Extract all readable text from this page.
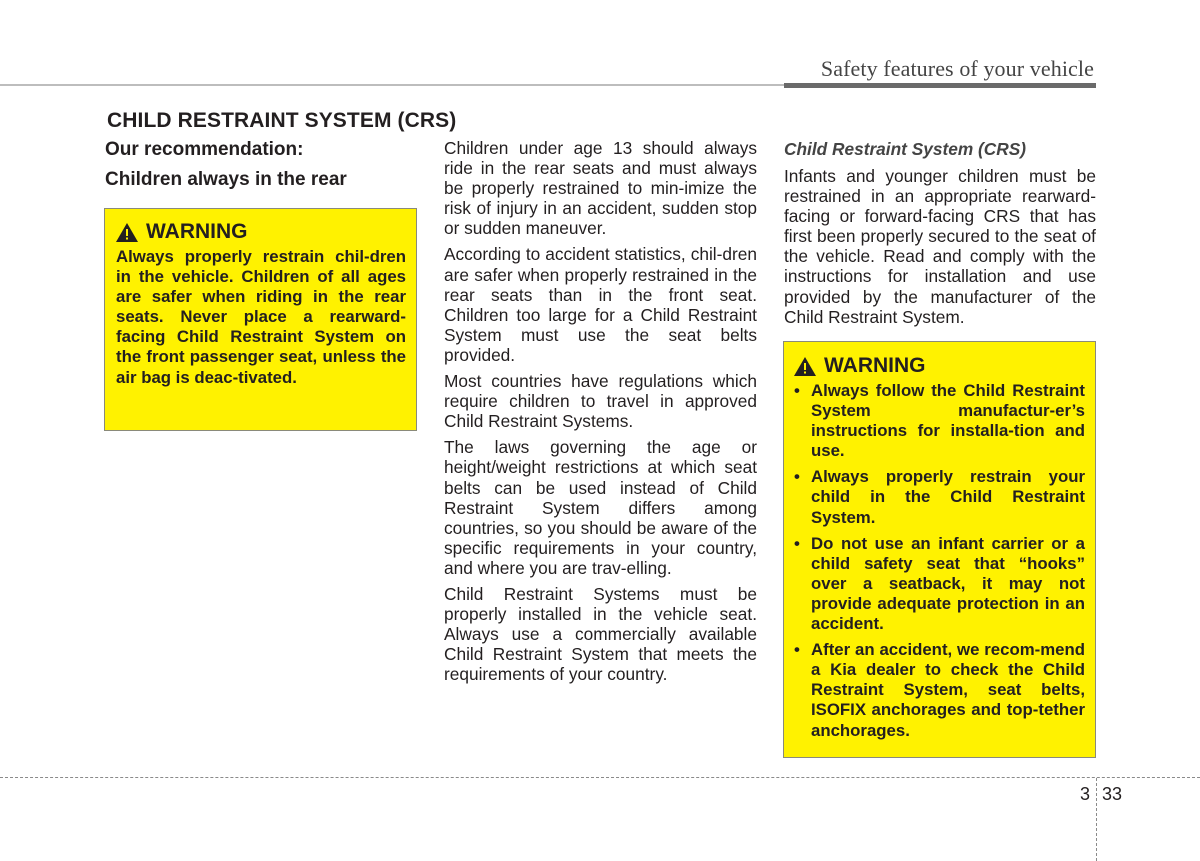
Safety features of your vehicle
CHILD RESTRAINT SYSTEM (CRS)

Our recommendation:

Children always in the rear

WARNING

Always properly restrain chil-dren in the vehicle. Children of all ages are safer when riding in the rear seats. Never place a rearward-facing Child Restraint System on the front passenger seat, unless the air bag is deac-tivated.

Children under age 13 should always ride in the rear seats and must always be properly restrained to min-imize the risk of injury in an accident, sudden stop or sudden maneuver.

According to accident statistics, chil-dren are safer when properly restrained in the rear seats than in the front seat. Children too large for a Child Restraint System must use the seat belts provided.

Most countries have regulations which require children to travel in approved Child Restraint Systems.

The laws governing the age or height/weight restrictions at which seat belts can be used instead of Child Restraint System differs among countries, so you should be aware of the specific requirements in your country, and where you are trav-elling.

Child Restraint Systems must be properly installed in the vehicle seat. Always use a commercially available Child Restraint System that meets the requirements of your country.

Child Restraint System (CRS)

Infants and younger children must be restrained in an appropriate rearward-facing or forward-facing CRS that has first been properly secured to the seat of the vehicle. Read and comply with the instructions for installation and use provided by the manufacturer of the Child Restraint System.

WARNING
• Always follow the Child Restraint System manufactur-er’s instructions for installa-tion and use.
• Always properly restrain your child in the Child Restraint System.
• Do not use an infant carrier or a child safety seat that “hooks” over a seatback, it may not provide adequate protection in an accident.
• After an accident, we recom-mend a Kia dealer to check the Child Restraint System, seat belts, ISOFIX anchorages and top-tether anchorages.
3 33
